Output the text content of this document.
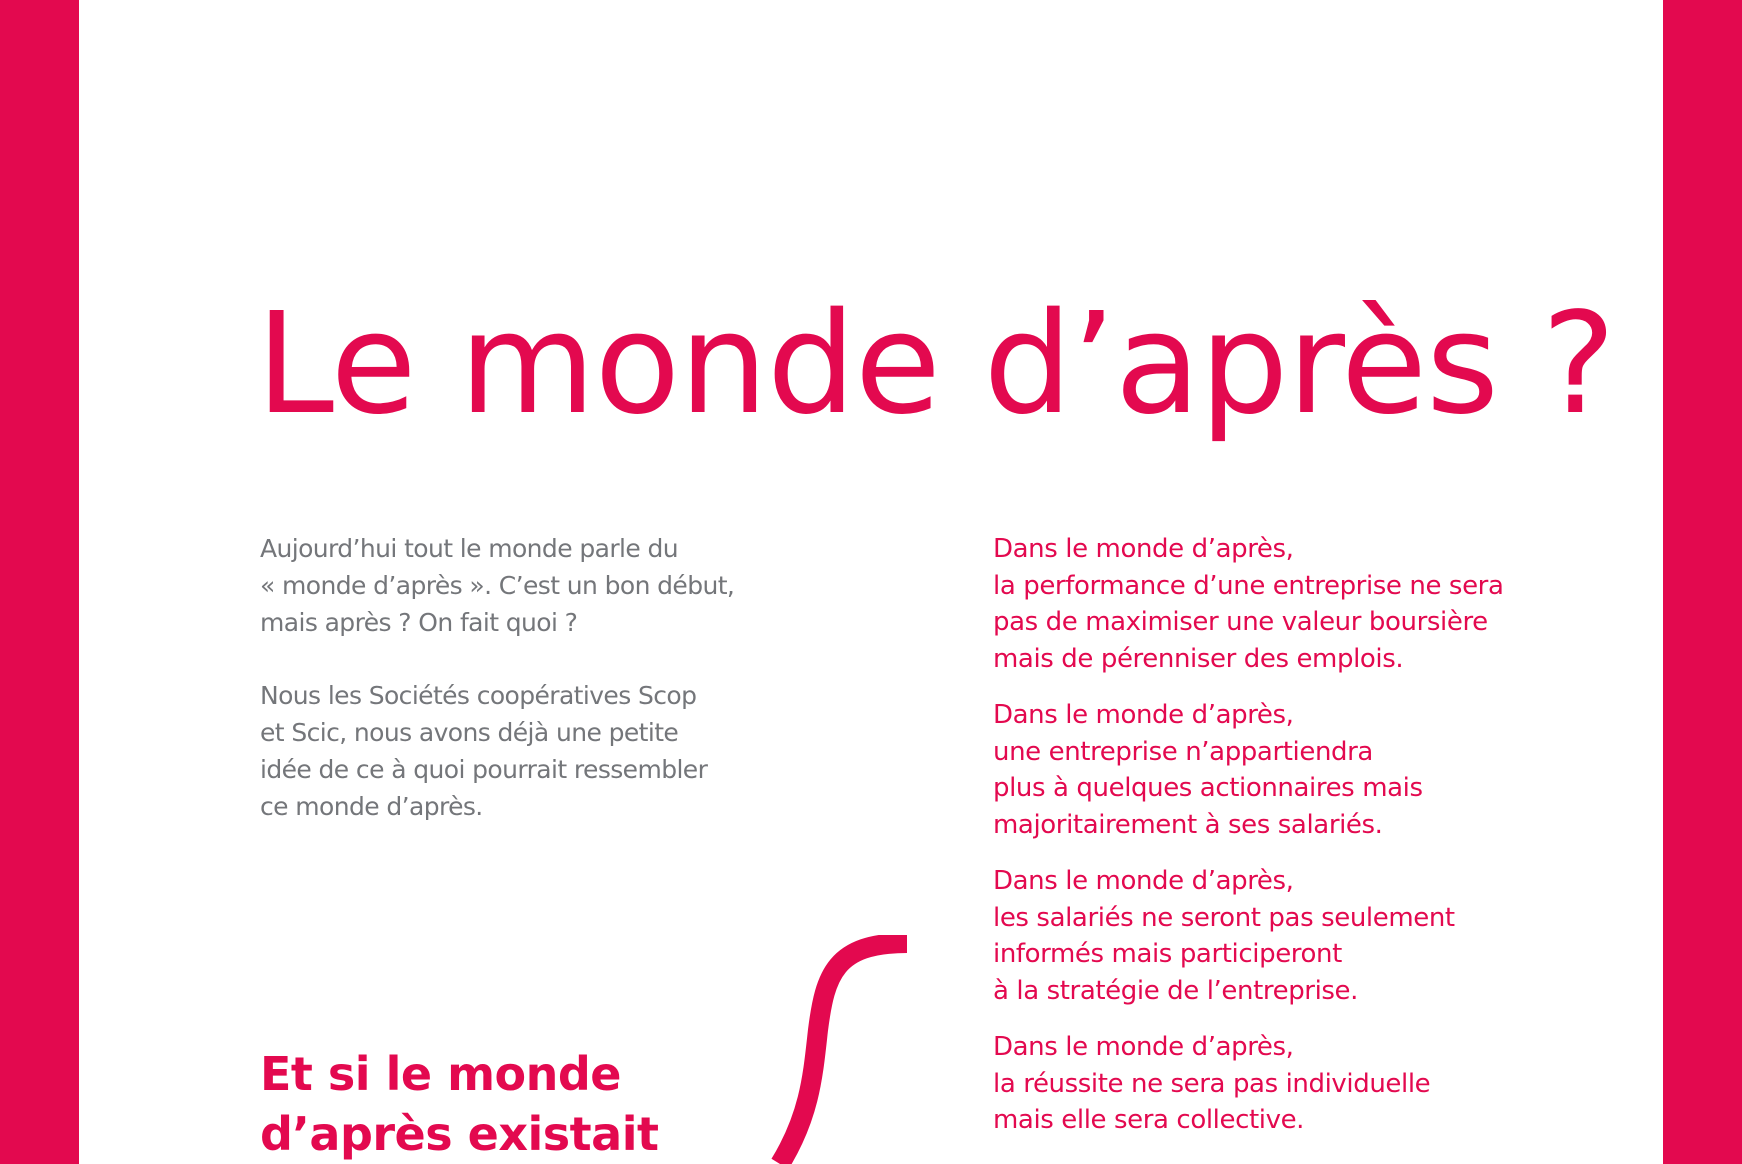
Le monde d’après ?

Aujourd’hui tout le monde parle du
« monde d’après ». C’est un bon début,
mais après ? On fait quoi ?

Nous les Sociétés coopératives Scop
et Scic, nous avons déjà une petite
idée de ce à quoi pourrait ressembler
ce monde d’après.

Dans le monde d’après,
la performance d’une entreprise ne sera
pas de maximiser une valeur boursière
mais de pérenniser des emplois.

Dans le monde d’après,
une entreprise n’appartiendra
plus à quelques actionnaires mais
majoritairement à ses salariés.

Dans le monde d’après,
les salariés ne seront pas seulement
informés mais participeront
à la stratégie de l’entreprise.

Dans le monde d’après,
la réussite ne sera pas individuelle
mais elle sera collective.

Et si le monde
d’après existait
